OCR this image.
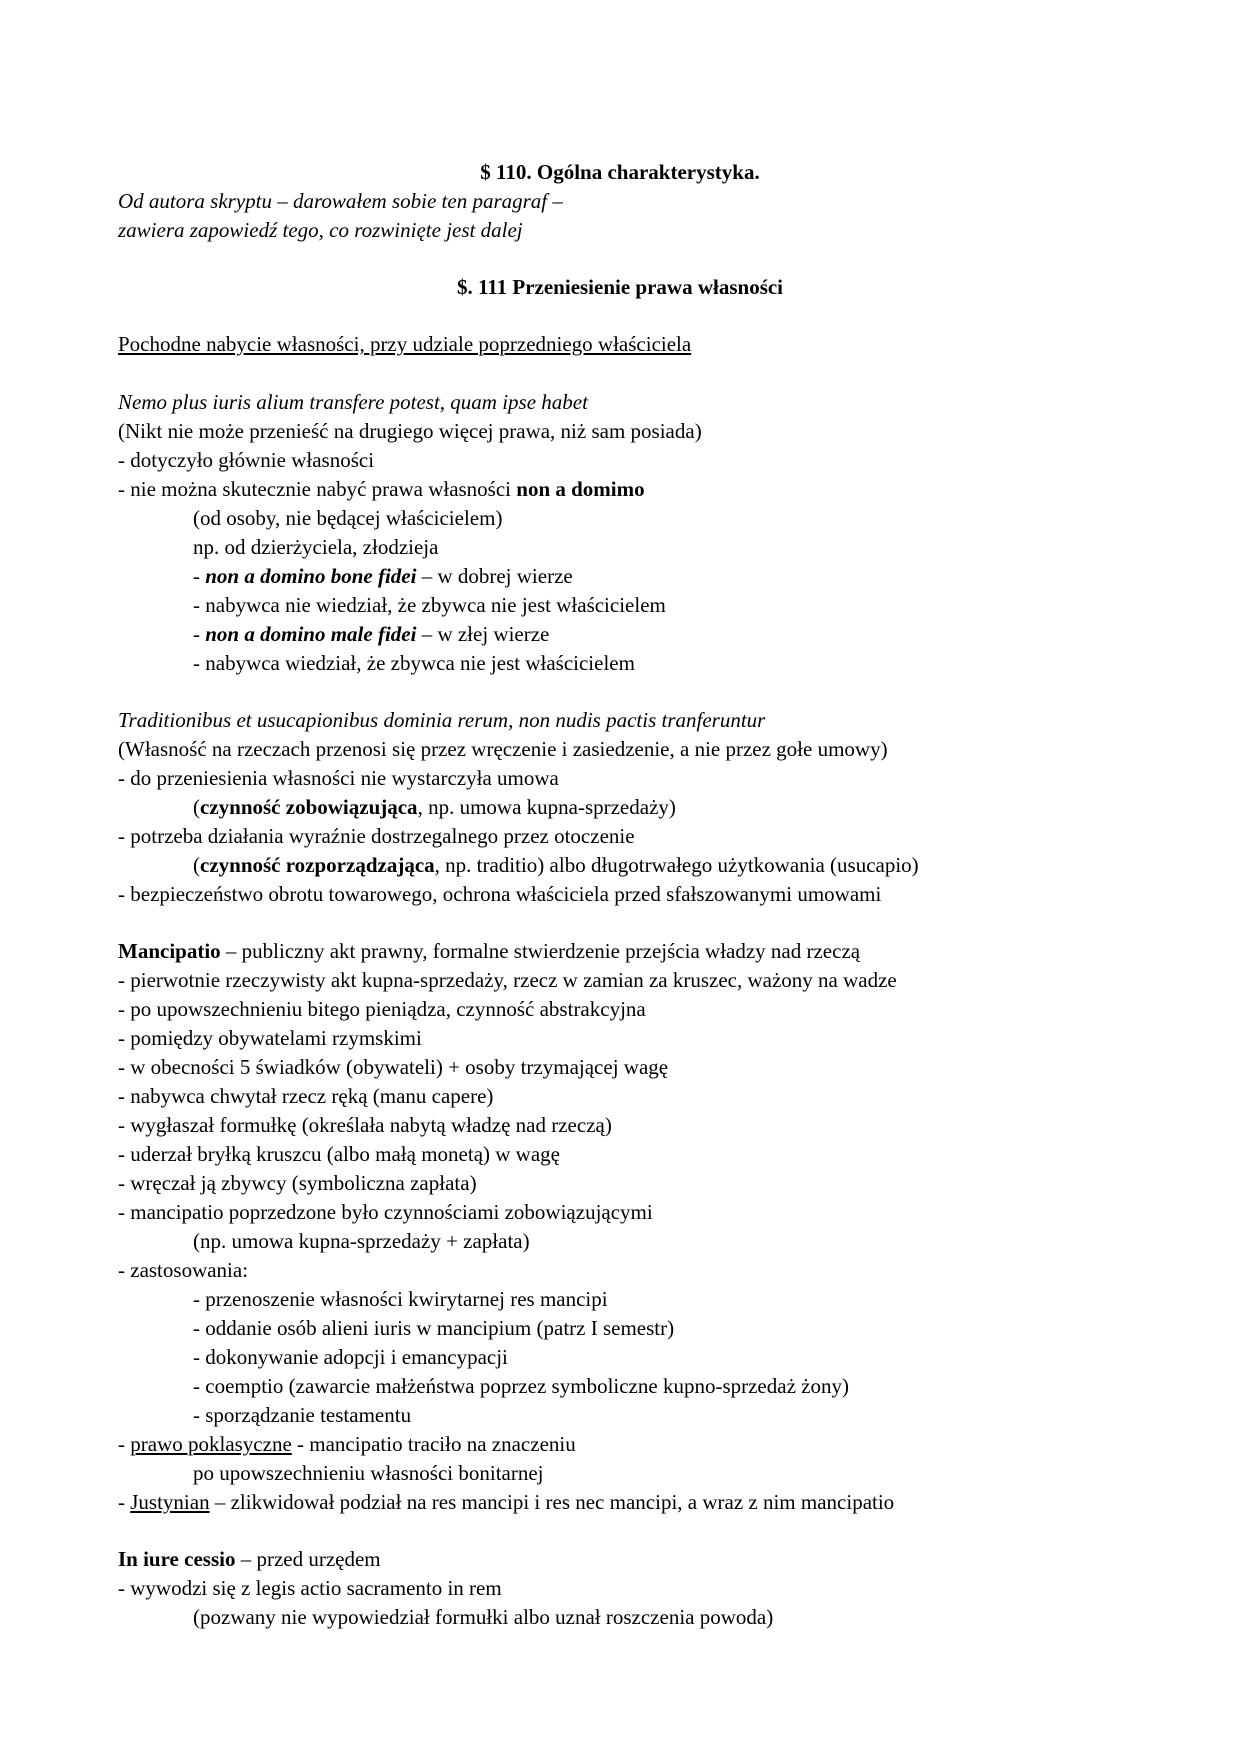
$ 110. Ogólna charakterystyka.
Od autora skryptu – darowałem sobie ten paragraf –
zawiera zapowiedź tego, co rozwinięte jest dalej
$. 111 Przeniesienie prawa własności
Pochodne nabycie własności, przy udziale poprzedniego właściciela
Nemo plus iuris alium transfere potest, quam ipse habet
(Nikt nie może przenieść na drugiego więcej prawa, niż sam posiada)
- dotyczyło głównie własności
- nie można skutecznie nabyć prawa własności non a domimo
(od osoby, nie będącej właścicielem)
np. od dzierżyciela, złodzieja
- non a domino bone fidei – w dobrej wierze
- nabywca nie wiedział, że zbywca nie jest właścicielem
- non a domino male fidei – w złej wierze
- nabywca wiedział, że zbywca nie jest właścicielem
Traditionibus et usucapionibus dominia rerum, non nudis pactis tranferuntur
(Własność na rzeczach przenosi się przez wręczenie i zasiedzenie, a nie przez gołe umowy)
- do przeniesienia własności nie wystarczyła umowa
(czynność zobowiązująca, np. umowa kupna-sprzedaży)
- potrzeba działania wyraźnie dostrzegalnego przez otoczenie
(czynność rozporządzająca, np. traditio) albo długotrwałego użytkowania (usucapio)
- bezpieczeństwo obrotu towarowego, ochrona właściciela przed sfałszowanymi umowami
Mancipatio – publiczny akt prawny, formalne stwierdzenie przejścia władzy nad rzeczą
- pierwotnie rzeczywisty akt kupna-sprzedaży, rzecz w zamian za kruszec, ważony na wadze
- po upowszechnieniu bitego pieniądza, czynność abstrakcyjna
- pomiędzy obywatelami rzymskimi
- w obecności 5 świadków (obywateli) + osoby trzymającej wagę
- nabywca chwytał rzecz ręką (manu capere)
- wygłaszał formułkę (określała nabytą władzę nad rzeczą)
- uderzał bryłką kruszcu (albo małą monetą) w wagę
- wręczał ją zbywcy (symboliczna zapłata)
- mancipatio poprzedzone było czynnościami zobowiązującymi
(np. umowa kupna-sprzedaży + zapłata)
- zastosowania:
- przenoszenie własności kwirytarnej res mancipi
- oddanie osób alieni iuris w mancipium (patrz I semestr)
- dokonywanie adopcji i emancypacji
- coemptio (zawarcie małżeństwa poprzez symboliczne kupno-sprzedaż żony)
- sporządzanie testamentu
- prawo poklasyczne - mancipatio traciło na znaczeniu
po upowszechnieniu własności bonitarnej
- Justynian – zlikwidował podział na res mancipi i res nec mancipi, a wraz z nim mancipatio
In iure cessio – przed urzędem
- wywodzi się z legis actio sacramento in rem
(pozwany nie wypowiedział formułki albo uznał roszczenia powoda)
